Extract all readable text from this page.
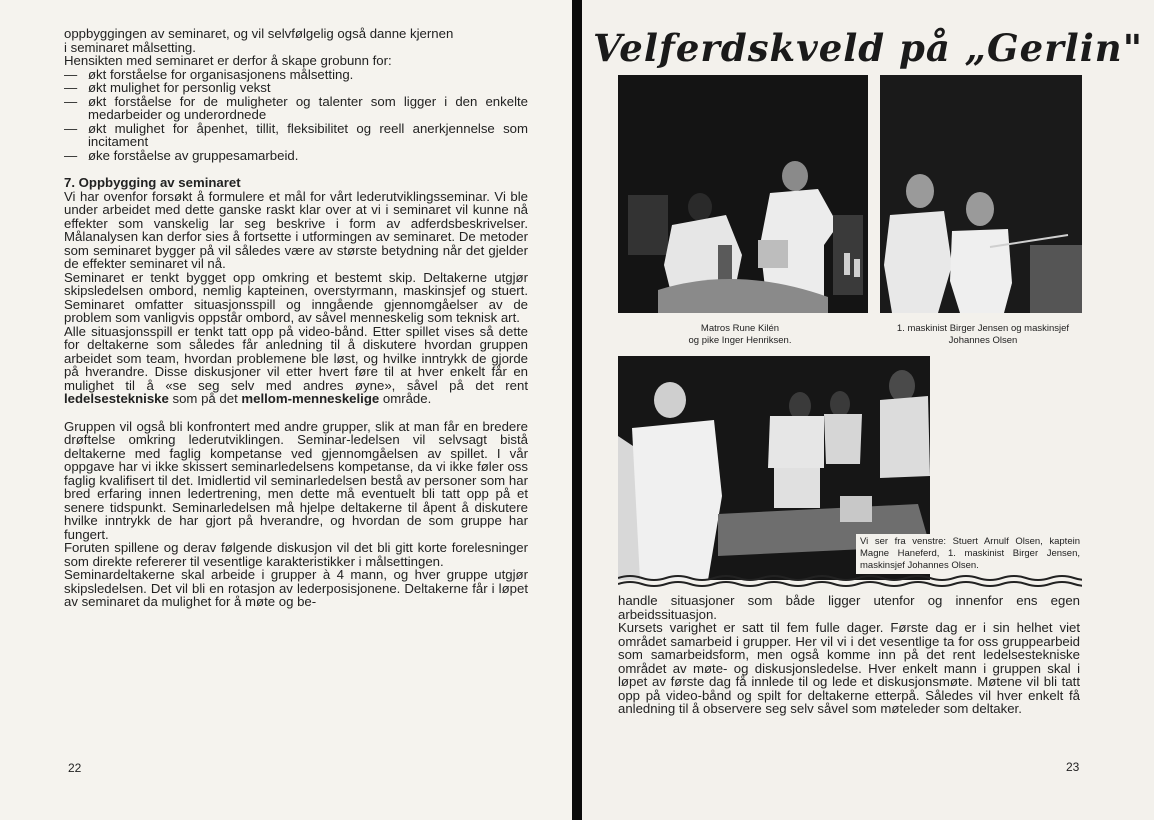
oppbyggingen av seminaret, og vil selvfølgelig også danne kjernen

i seminaret målsetting.

Hensikten med seminaret er derfor å skape grobunn for:

— økt forståelse for organisasjonens målsetting.
— økt mulighet for personlig vekst
— økt forståelse for de muligheter og talenter som ligger i den enkelte medarbeider og underordnede
— økt mulighet for åpenhet, tillit, fleksibilitet og reell anerkjennelse som incitament
— øke forståelse av gruppesamarbeid.

7. Oppbygging av seminaret

Vi har ovenfor forsøkt å formulere et mål for vårt lederutviklingsseminar. Vi ble under arbeidet med dette ganske raskt klar over at vi i seminaret vil kunne nå effekter som vanskelig lar seg beskrive i form av adferdsbeskrivelser. Målanalysen kan derfor sies å fortsette i utformingen av seminaret. De metoder som seminaret bygger på vil således være av største betydning når det gjelder de effekter seminaret vil nå.

Seminaret er tenkt bygget opp omkring et bestemt skip. Deltakerne utgjør skipsledelsen ombord, nemlig kapteinen, overstyrmann, maskinsjef og stuert. Seminaret omfatter situasjonsspill og inngående gjennomgåelser av de problem som vanligvis oppstår ombord, av såvel menneskelig som teknisk art.

Alle situasjonsspill er tenkt tatt opp på video-bånd. Etter spillet vises så dette for deltakerne som således får anledning til å diskutere hvordan gruppen arbeidet som team, hvordan problemene ble løst, og hvilke inntrykk de gjorde på hverandre. Disse diskusjoner vil etter hvert føre til at hver enkelt får en mulighet til å «se seg selv med andres øyne», såvel på det rent ledelsestekniske som på det mellom-menneskelige område.

Gruppen vil også bli konfrontert med andre grupper, slik at man får en bredere drøftelse omkring lederutviklingen. Seminar-ledelsen vil selvsagt bistå deltakerne med faglig kompetanse ved gjennomgåelsen av spillet. I vår oppgave har vi ikke skissert seminarledelsens kompetanse, da vi ikke føler oss faglig kvalifisert til det. Imidlertid vil seminarledelsen bestå av personer som har bred erfaring innen ledertrening, men dette må eventuelt bli tatt opp på et senere tidspunkt. Seminarledelsen må hjelpe deltakerne til åpent å diskutere hvilke inntrykk de har gjort på hverandre, og hvordan de som gruppe har fungert.

Foruten spillene og derav følgende diskusjon vil det bli gitt korte forelesninger som direkte refererer til vesentlige karakteristikker i målsettingen.

Seminardeltakerne skal arbeide i grupper à 4 mann, og hver gruppe utgjør skipsledelsen. Det vil bli en rotasjon av lederposisjonene. Deltakerne får i løpet av seminaret da mulighet for å møte og be-

22
Velferdskveld på „Gerlin"
Matros Rune Kilén
og pike Inger Henriksen.
1. maskinist Birger Jensen og maskinsjef
Johannes Olsen
Vi ser fra venstre: Stuert Arnulf Olsen, kaptein Magne Haneferd, 1. maskinist Birger Jensen, maskinsjef Johannes Olsen.

handle situasjoner som både ligger utenfor og innenfor ens egen arbeidssituasjon.

Kursets varighet er satt til fem fulle dager. Første dag er i sin helhet viet området samarbeid i grupper. Her vil vi i det vesentlige ta for oss gruppearbeid som samarbeidsform, men også komme inn på det rent ledelsestekniske området av møte- og diskusjonsledelse. Hver enkelt mann i gruppen skal i løpet av første dag få innlede til og lede et diskusjonsmøte. Møtene vil bli tatt opp på video-bånd og spilt for deltakerne etterpå. Således vil hver enkelt få anledning til å observere seg selv såvel som møteleder som deltaker.

23
